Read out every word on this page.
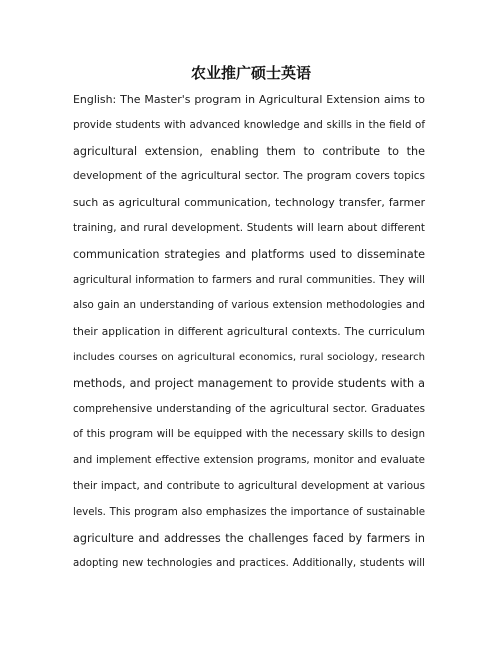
农业推广硕士英语
English: The Master's program in Agricultural Extension aims to
provide students with advanced knowledge and skills in the field of
agricultural extension, enabling them to contribute to the
development of the agricultural sector. The program covers topics
such as agricultural communication, technology transfer, farmer
training, and rural development. Students will learn about different
communication strategies and platforms used to disseminate
agricultural information to farmers and rural communities. They will
also gain an understanding of various extension methodologies and
their application in different agricultural contexts. The curriculum
includes courses on agricultural economics, rural sociology, research
methods, and project management to provide students with a
comprehensive understanding of the agricultural sector. Graduates
of this program will be equipped with the necessary skills to design
and implement effective extension programs, monitor and evaluate
their impact, and contribute to agricultural development at various
levels. This program also emphasizes the importance of sustainable
agriculture and addresses the challenges faced by farmers in
adopting new technologies and practices. Additionally, students will
